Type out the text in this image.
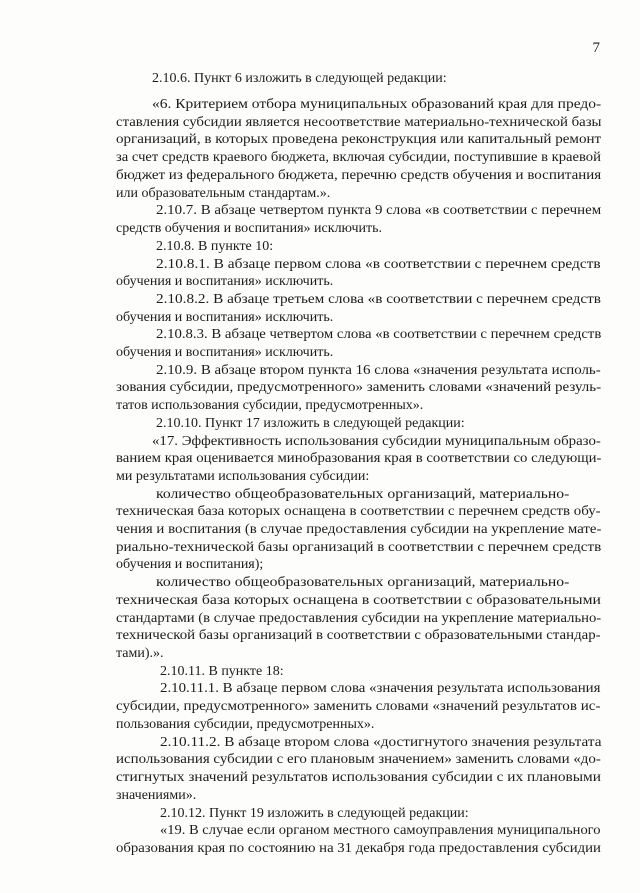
7
2.10.6. Пункт 6 изложить в следующей редакции:
«6. Критерием отбора муниципальных образований края для предо-
ставления субсидии является несоответствие материально-технической базы
организаций, в которых проведена реконструкция или капитальный ремонт
за счет средств краевого бюджета, включая субсидии, поступившие в краевой
бюджет из федерального бюджета, перечню средств обучения и воспитания
или образовательным стандартам.».
2.10.7. В абзаце четвертом пункта 9 слова «в соответствии с перечнем
средств обучения и воспитания» исключить.
2.10.8. В пункте 10:
2.10.8.1. В абзаце первом слова «в соответствии с перечнем средств
обучения и воспитания» исключить.
2.10.8.2. В абзаце третьем слова «в соответствии с перечнем средств
обучения и воспитания» исключить.
2.10.8.3. В абзаце четвертом слова «в соответствии с перечнем средств
обучения и воспитания» исключить.
2.10.9. В абзаце втором пункта 16 слова «значения результата исполь-
зования субсидии, предусмотренного» заменить словами «значений резуль-
татов использования субсидии, предусмотренных».
2.10.10. Пункт 17 изложить в следующей редакции:
«17. Эффективность использования субсидии муниципальным образо-
ванием края оценивается минобразования края в соответствии со следующи-
ми результатами использования субсидии:
количество общеобразовательных организаций, материально-
техническая база которых оснащена в соответствии с перечнем средств обу-
чения и воспитания (в случае предоставления субсидии на укрепление мате-
риально-технической базы организаций в соответствии с перечнем средств
обучения и воспитания);
количество общеобразовательных организаций, материально-
техническая база которых оснащена в соответствии с образовательными
стандартами (в случае предоставления субсидии на укрепление материально-
технической базы организаций в соответствии с образовательными стандар-
тами).».
2.10.11. В пункте 18:
2.10.11.1. В абзаце первом слова «значения результата использования
субсидии, предусмотренного» заменить словами «значений результатов ис-
пользования субсидии, предусмотренных».
2.10.11.2. В абзаце втором слова «достигнутого значения результата
использования субсидии с его плановым значением» заменить словами «до-
стигнутых значений результатов использования субсидии с их плановыми
значениями».
2.10.12. Пункт 19 изложить в следующей редакции:
«19. В случае если органом местного самоуправления муниципального
образования края по состоянию на 31 декабря года предоставления субсидии
